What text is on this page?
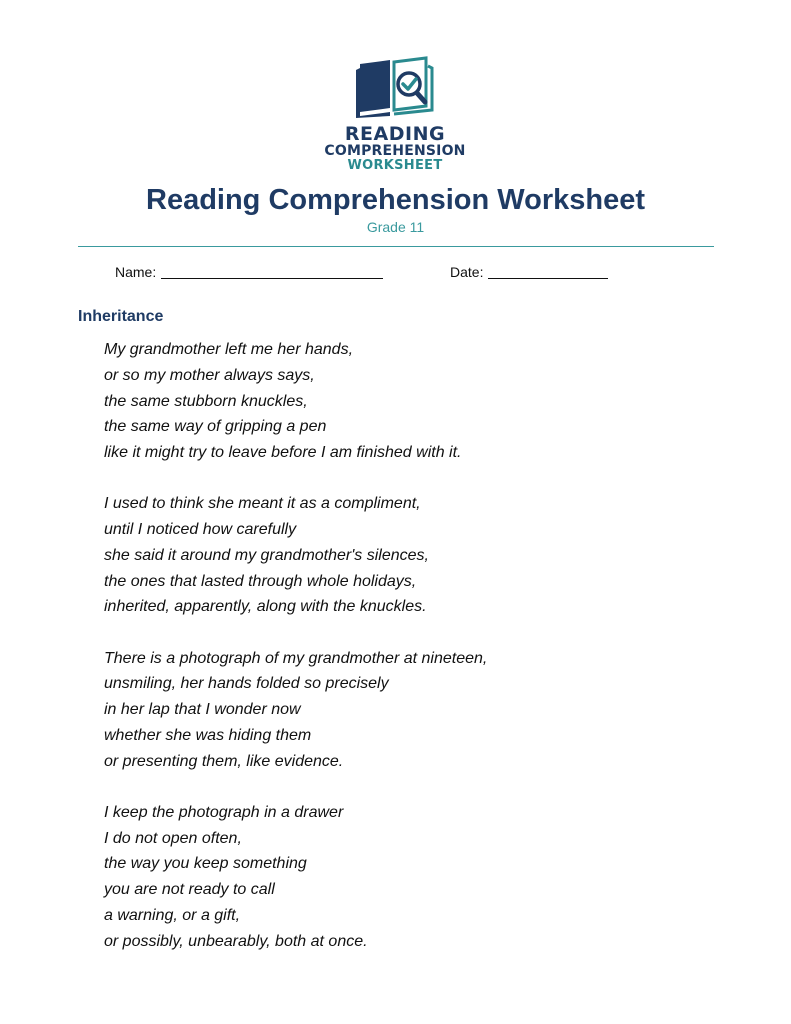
READING
COMPREHENSION
WORKSHEET
Reading Comprehension Worksheet
Grade 11
Name:	Date:
Inheritance
My grandmother left me her hands,
or so my mother always says,
the same stubborn knuckles,
the same way of gripping a pen
like it might try to leave before I am finished with it.
I used to think she meant it as a compliment,
until I noticed how carefully
she said it around my grandmother's silences,
the ones that lasted through whole holidays,
inherited, apparently, along with the knuckles.
There is a photograph of my grandmother at nineteen,
unsmiling, her hands folded so precisely
in her lap that I wonder now
whether she was hiding them
or presenting them, like evidence.
I keep the photograph in a drawer
I do not open often,
the way you keep something
you are not ready to call
a warning, or a gift,
or possibly, unbearably, both at once.
